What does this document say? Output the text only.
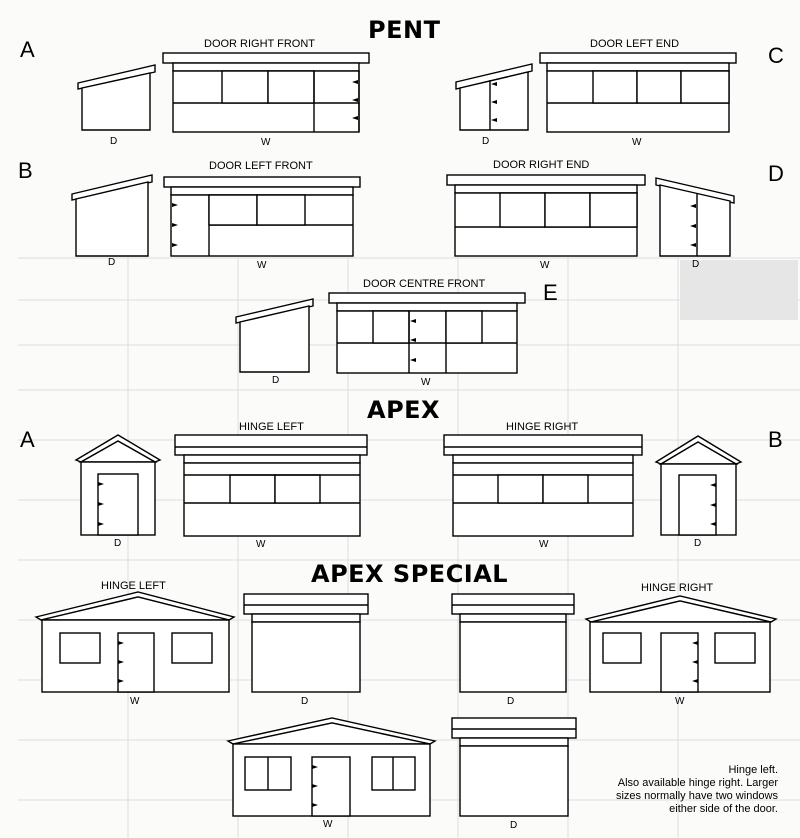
PENT
APEX
APEX SPECIAL
A
B
C
D
E
DOOR RIGHT FRONT	DOOR LEFT END
DOOR LEFT FRONT	DOOR RIGHT END
DOOR CENTRE FRONT
D	W	D	W
D	W	W	D
D	W
A	B
HINGE LEFT	HINGE RIGHT
D	W	W	D
HINGE LEFT	HINGE RIGHT
W	D	D	W
W	D
Hinge left.
Also available hinge right. Larger
sizes normally have two windows
either side of the door.
